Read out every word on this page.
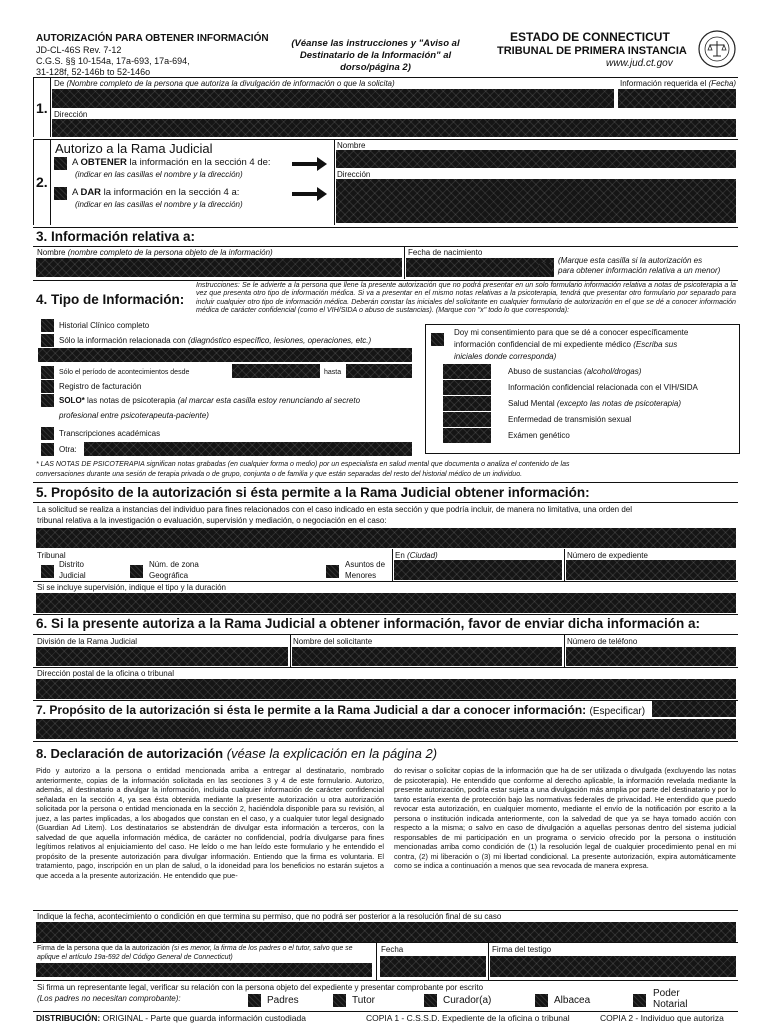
AUTORIZACIÓN PARA OBTENER INFORMACIÓN
JD-CL-46S Rev. 7-12
C.G.S. §§ 10-154a, 17a-693, 17a-694,
31-128f, 52-146b to 52-146o
(Véanse las instrucciones y "Aviso al
Destinatario de la Información" al
dorso/página 2)
ESTADO DE CONNECTICUT
TRIBUNAL DE PRIMERA INSTANCIA
www.jud.ct.gov
1.
De (Nombre completo de la persona que autoriza la divulgación de información o que la solicita)	Información requerida el (Fecha)
Dirección
2.
Autorizo a la Rama Judicial
A OBTENER la información en la sección 4 de:
(indicar en las casillas el nombre y la dirección)
A DAR la información en la sección 4 a:
(indicar en las casillas el nombre y la dirección)
Nombre
Dirección
3. Información relativa a:
Nombre (nombre completo de la persona objeto de la información)	Fecha de nacimiento
(Marque esta casilla si la autorización es
para obtener información relativa a un menor)
4. Tipo de Información:
Instrucciones: Se le advierte a la persona que llene la presente autorización que no podrá presentar en un solo formulario información relativa a notas de psicoterapia a la vez que presenta otro tipo de información médica. Si va a presentar en el mismo notas relativas a la psicoterapia, tendrá que presentar otro formulario por separado para incluir cualquier otro tipo de información médica. Deberán constar las iniciales del solicitante en cualquier formulario de autorización en el que se dé a conocer información médica de carácter confidencial (como el VIH/SIDA o abuso de sustancias). (Marque con "x" todo lo que corresponda):
Historial Clínico completo
Sólo la información relacionada con (diagnóstico específico, lesiones, operaciones, etc.)
Sólo el período de acontecimientos desde	hasta
Registro de facturación
SOLO* las notas de psicoterapia (al marcar esta casilla estoy renunciando al secreto
profesional entre psicoterapeuta-paciente)
Transcripciones académicas
Otra:
Doy mi consentimiento para que se dé a conocer específicamente
información confidencial de mi expediente médico (Escriba sus
iniciales donde corresponda)
Abuso de sustancias (alcohol/drogas)
Información confidencial relacionada con el VIH/SIDA
Salud Mental (excepto las notas de psicoterapia)
Enfermedad de transmisión sexual
Exámen genético
* LAS NOTAS DE PSICOTERAPIA significan notas grabadas (en cualquier forma o medio) por un especialista en salud mental que documenta o analiza el contenido de las
conversaciones durante una sesión de terapia privada o de grupo, conjunta o de familia y que están separadas del resto del historial médico de un individuo.
5. Propósito de la autorización si ésta permite a la Rama Judicial obtener información:
La solicitud se realiza a instancias del individuo para fines relacionados con el caso indicado en esta sección y que podría incluir, de manera no limitativa, una orden del
tribunal relativa a la investigación o evaluación, supervisión y mediación, o negociación en el caso:
Tribunal
Distrito
Judicial
Núm. de zona
Geográfica
Asuntos de
Menores
En (Ciudad)	Número de expediente
Si se incluye supervisión, indique el tipo y la duración
6. Si la presente autoriza a la Rama Judicial a obtener información, favor de enviar dicha información a:
División de la Rama Judicial	Nombre del solicitante	Número de teléfono
Dirección postal de la oficina o tribunal
7. Propósito de la autorización si ésta le permite a la Rama Judicial a dar a conocer información: (Especificar)
8. Declaración de autorización (véase la explicación en la página 2)
Pido y autorizo a la persona o entidad mencionada arriba a entregar al destinatario, nombrado anteriormente, copias de la información solicitada en las secciones 3 y 4 de este formulario. Autorizo, además, al destinatario a divulgar la información, incluida cualquier información de carácter confidencial señalada en la sección 4, ya sea ésta obtenida mediante la presente autorización u otra autorización solicitada por la persona o entidad mencionada en la sección 2, haciéndola disponible para su revisión, al juez, a las partes implicadas, a los abogados que constan en el caso, y a cualquier tutor legal designado (Guardian Ad Litem). Los destinatarios se abstendrán de divulgar esta información a terceros, con la salvedad de que aquella información médica, de carácter no confidencial, podría divulgarse para fines legítimos relativos al enjuiciamiento del caso. He leído o me han leído este formulario y he entendido el propósito de la presente autorización para divulgar información. Entiendo que la firma es voluntaria. El tratamiento, pago, inscripción en un plan de salud, o la idoneidad para los beneficios no estarán sujetos a que acceda a la presente autorización. He entendido que pue-
do revisar o solicitar copias de la información que ha de ser utilizada o divulgada (excluyendo las notas de psicoterapia). He entendido que conforme al derecho aplicable, la información revelada mediante la presente autorización, podría estar sujeta a una divulgación más amplia por parte del destinatario y por lo tanto estaría exenta de protección bajo las normativas federales de privacidad. He entendido que puedo revocar esta autorización, en cualquier momento, mediante el envío de la notificación por escrito a la persona o institución indicada anteriormente, con la salvedad de que ya se haya tomado acción con respecto a la misma; o salvo en caso de divulgación a aquellas personas dentro del sistema judicial responsables de mi participación en un programa o servicio ofrecido por la persona o institución mencionadas arriba como condición de (1) la resolución legal de cualquier procedimiento penal en mi contra, (2) mi liberación o (3) mi libertad condicional. La presente autorización, expira automáticamente como se indica a continuación a menos que sea revocada de manera expresa.
Indique la fecha, acontecimiento o condición en que termina su permiso, que no podrá ser posterior a la resolución final de su caso
Firma de la persona que da la autorización (si es menor, la firma de los padres o el tutor, salvo que se aplique el artículo 19a-592 del Código General de Connecticut)
Fecha	Firma del testigo
Si firma un representante legal, verificar su relación con la persona objeto del expediente y presentar comprobante por escrito
(Los padres no necesitan comprobante):	Padres	Tutor	Curador(a)	Albacea
Poder
Notarial
DISTRIBUCIÓN: ORIGINAL - Parte que guarda información custodiada	COPIA 1 - C.S.S.D. Expediente de la oficina o tribunal	COPIA 2 - Individuo que autoriza
